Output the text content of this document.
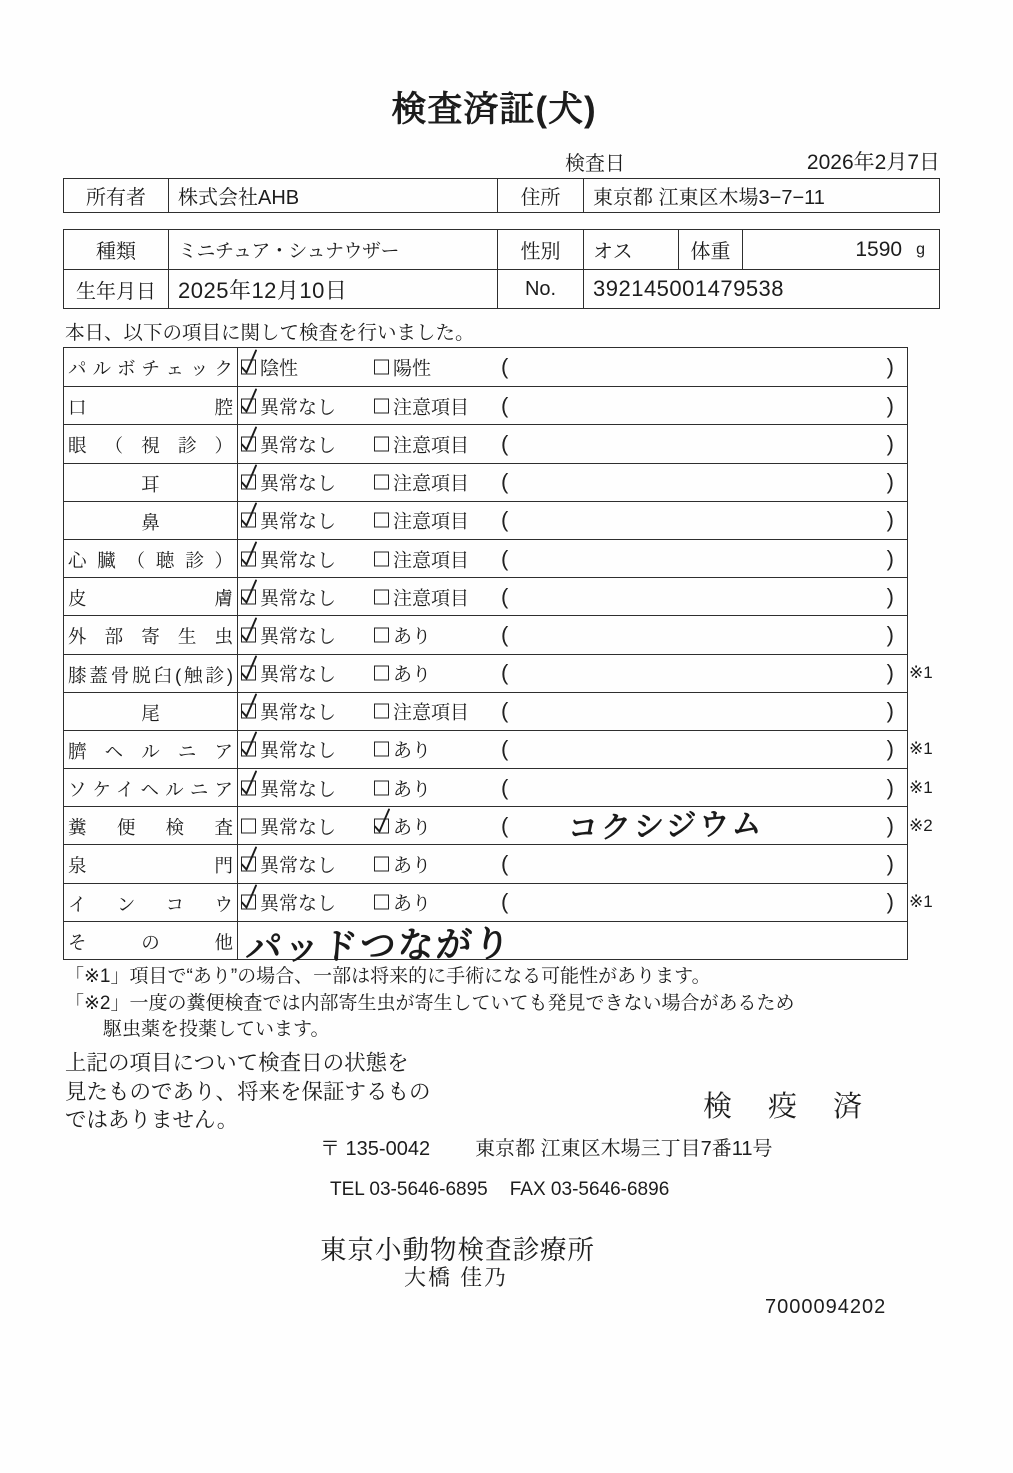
検査済証(犬)
検査日	2026年2月7日
所有者	株式会社AHB	住所	東京都 江東区木場3−7−11
種類	ミニチュア・シュナウザー	性別	オス	体重	1590 g
生年月日	2025年12月10日	No.	392145001479538
本日、以下の項目に関して検査を行いました。
パルボチェック 陰性	陽性	(	)
口腔 異常なし	注意項目 (	)
眼（視診） 異常なし	注意項目 (	)
耳	異常なし	注意項目 (	)
鼻	異常なし	注意項目 (	)
心臓（聴診） 異常なし	注意項目 (	)
皮膚 異常なし	注意項目 (	)
外部寄生虫 異常なし	あり	(	)
膝蓋骨脱臼(触診) 異常なし	あり	(	) ※1
尾	異常なし	注意項目 (	)
臍ヘルニア 異常なし	あり	(	) ※1
ソケイヘルニア 異常なし	あり	(	) ※1
糞便検査 異常なし	あり	( コクシジウム	) ※2
泉門 異常なし	あり	(	)
インコウ 異常なし	あり	(	) ※1
その他 パッドつながり
「※1」項目で“あり”の場合、一部は将来的に手術になる可能性があります。
「※2」一度の糞便検査では内部寄生虫が寄生していても発見できない場合があるため
駆虫薬を投薬しています。
上記の項目について検査日の状態を
見たものであり、将来を保証するもの
ではありません。	検 疫 済
〒 135-0042 東京都 江東区木場三丁目7番11号
TEL 03-5646-6895 FAX 03-5646-6896
東京小動物検査診療所
大橋 佳乃
7000094202
